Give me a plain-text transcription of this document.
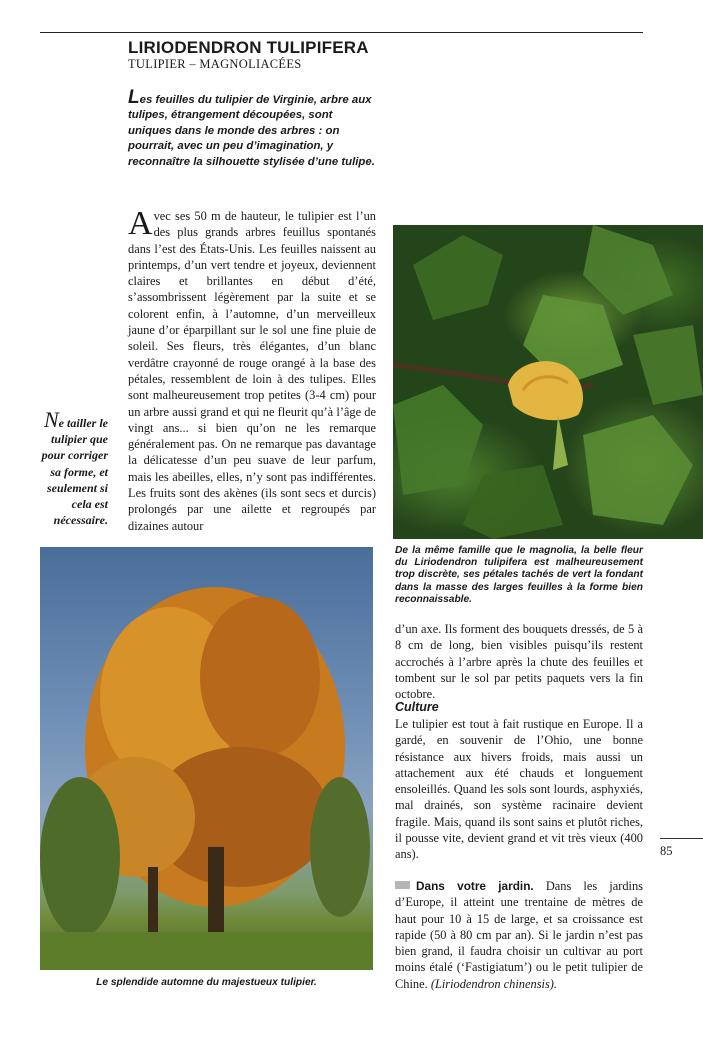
LIRIODENDRON TULIPIFERA
TULIPIER – MAGNOLIACÉES
Les feuilles du tulipier de Virginie, arbre aux tulipes, étrangement découpées, sont uniques dans le monde des arbres : on pourrait, avec un peu d’imagination, y reconnaître la silhouette stylisée d’une tulipe.
Avec ses 50 m de hauteur, le tulipier est l’un des plus grands arbres feuillus spontanés dans l’est des États-Unis. Les feuilles naissent au printemps, d’un vert tendre et joyeux, deviennent claires et brillantes en début d’été, s’assombrissent légèrement par la suite et se colorent enfin, à l’automne, d’un merveilleux jaune d’or éparpillant sur le sol une fine pluie de soleil. Ses fleurs, très élégantes, d’un blanc verdâtre crayonné de rouge orangé à la base des pétales, ressemblent de loin à des tulipes. Elles sont malheureusement trop petites (3-4 cm) pour un arbre aussi grand et qui ne fleurit qu’à l’âge de vingt ans... si bien qu’on ne les remarque généralement pas. On ne remarque pas davantage la délicatesse d’un peu suave de leur parfum, mais les abeilles, elles, n’y sont pas indifférentes. Les fruits sont des akènes (ils sont secs et durcis) prolongés par une ailette et regroupés par dizaines autour
Ne tailler le tulipier que pour corriger sa forme, et seulement si cela est nécessaire.
De la même famille que le magnolia, la belle fleur du Liriodendron tulipifera est malheureusement trop discrète, ses pétales tachés de vert la fondant dans la masse des larges feuilles à la forme bien reconnaissable.
Le splendide automne du majestueux tulipier.
d’un axe. Ils forment des bouquets dressés, de 5 à 8 cm de long, bien visibles puisqu’ils restent accrochés à l’arbre après la chute des feuilles et tombent sur le sol par petits paquets vers la fin octobre.
Culture
Le tulipier est tout à fait rustique en Europe. Il a gardé, en souvenir de l’Ohio, une bonne résistance aux hivers froids, mais aussi un attachement aux été chauds et longuement ensoleillés. Quand les sols sont lourds, asphyxiés, mal drainés, son système racinaire devient fragile. Mais, quand ils sont sains et plutôt riches, il pousse vite, devient grand et vit très vieux (400 ans).
Dans votre jardin. Dans les jardins d’Europe, il atteint une trentaine de mètres de haut pour 10 à 15 de large, et sa croissance est rapide (50 à 80 cm par an). Si le jardin n’est pas bien grand, il faudra choisir un cultivar au port moins étalé (‘Fastigiatum’) ou le petit tulipier de Chine. (Liriodendron chinensis).
85
